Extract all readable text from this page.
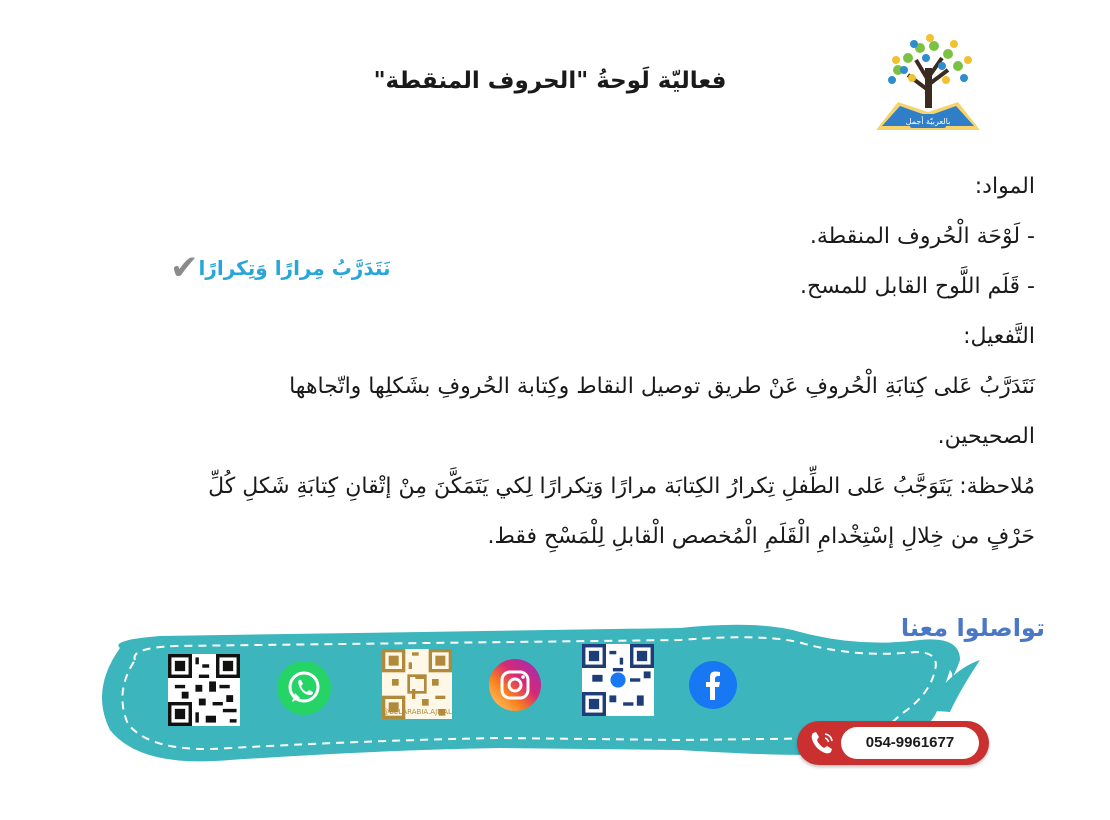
فعاليّة لَوحةُ "الحروف المنقطة"
بالعربيّة أجمل
المواد:
- لَوْحَة الْحُروف المنقطة.
- قَلَم اللَّوح القابل للمسح.
التَّفعيل:
نَتَدَرَّبُ عَلى كِتابَةِ الْحُروفِ عَنْ طريق توصيل النقاط وكِتابة الحُروفِ بشَكلِها واتّجاهها
الصحيحين.
مُلاحظة: يَتَوَجَّبُ عَلى الطِّفلِ تِكرارُ الكِتابَة مرارًا وَتِكرارًا لِكي يَتَمَكَّنَ مِنْ إتْقانِ كِتابَةِ شَكلِ كُلِّ
حَرْفٍ من خِلالِ إسْتِخْدامِ الْقَلَمِ الْمُخصص الْقابلِ لِلْمَسْحِ فقط.
نَتَدَرَّبُ مِرارًا وَتِكرارًا
✔
تواصلوا معنا
@BELARABIA.AJMAL
054-9961677
